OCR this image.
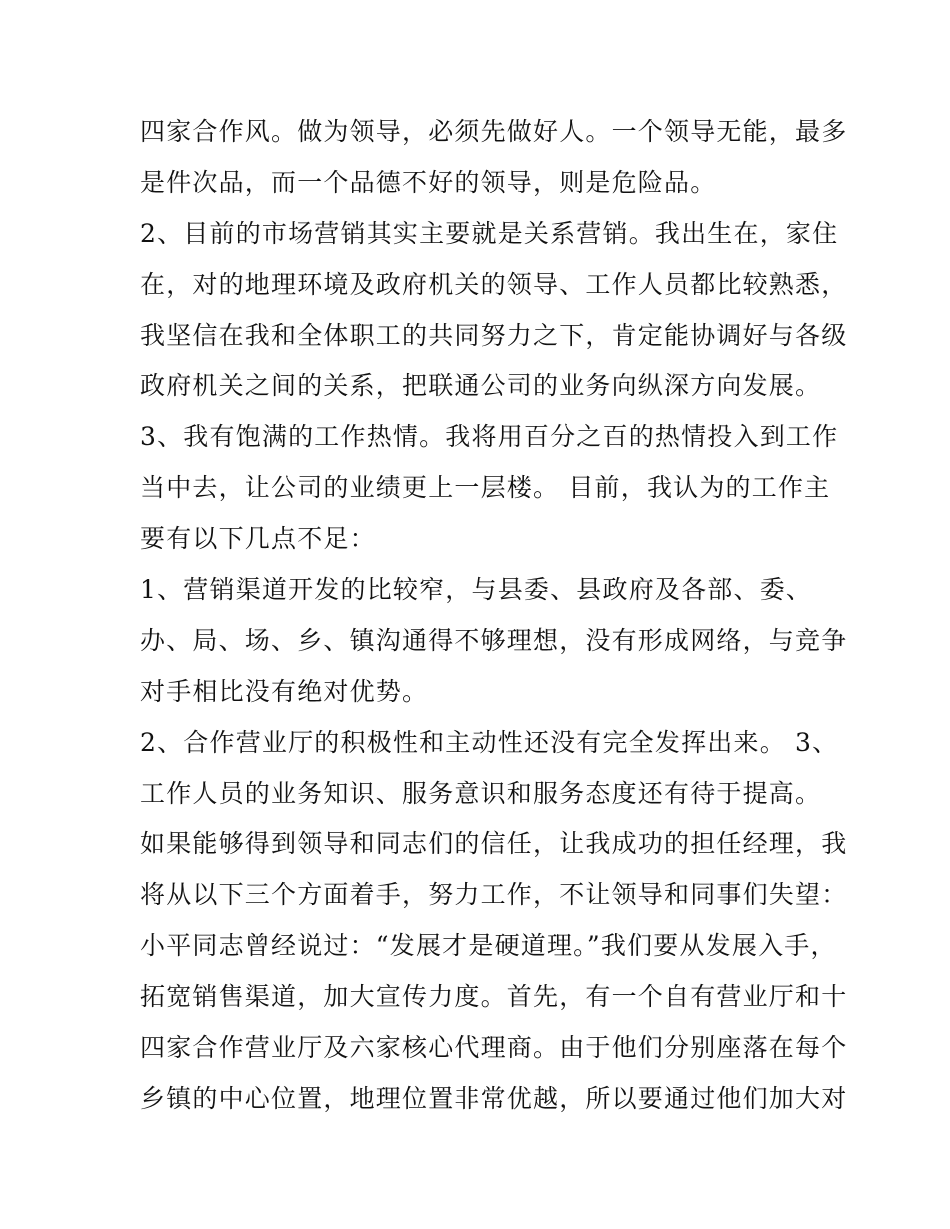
四家合作风。做为领导，必须先做好人。一个领导无能，最多
是件次品，而一个品德不好的领导，则是危险品。
2、目前的市场营销其实主要就是关系营销。我出生在，家住
在，对的地理环境及政府机关的领导、工作人员都比较熟悉，
我坚信在我和全体职工的共同努力之下，肯定能协调好与各级
政府机关之间的关系，把联通公司的业务向纵深方向发展。
3、我有饱满的工作热情。我将用百分之百的热情投入到工作
当中去，让公司的业绩更上一层楼。 目前，我认为的工作主
要有以下几点不足：
1、营销渠道开发的比较窄，与县委、县政府及各部、委、
办、局、场、乡、镇沟通得不够理想，没有形成网络，与竞争
对手相比没有绝对优势。
2、合作营业厅的积极性和主动性还没有完全发挥出来。 3、
工作人员的业务知识、服务意识和服务态度还有待于提高。
如果能够得到领导和同志们的信任，让我成功的担任经理，我
将从以下三个方面着手，努力工作，不让领导和同事们失望：
小平同志曾经说过：“发展才是硬道理。”我们要从发展入手，
拓宽销售渠道，加大宣传力度。首先，有一个自有营业厅和十
四家合作营业厅及六家核心代理商。由于他们分别座落在每个
乡镇的中心位置，地理位置非常优越，所以要通过他们加大对
